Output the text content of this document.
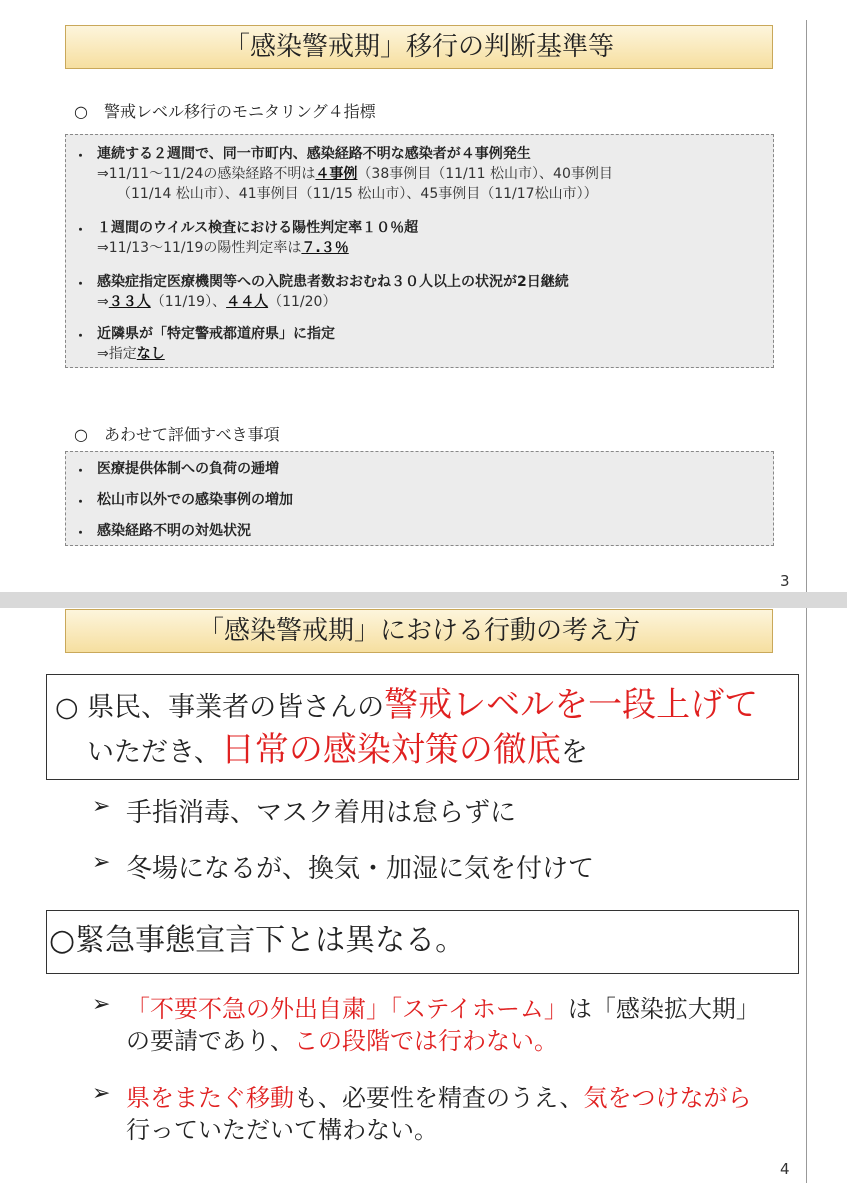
「感染警戒期」移行の判断基準等
○　警戒レベル移行のモニタリング４指標
・ 連続する２週間で、同一市町内、感染経路不明な感染者が４事例発生
⇒11/11～11/24の感染経路不明は４事例（38事例目（11/11 松山市）、40事例目
（11/14 松山市）、41事例目（11/15 松山市）、45事例目（11/17松山市））
・ １週間のウイルス検査における陽性判定率１０％超
⇒11/13～11/19の陽性判定率は７.３％
・ 感染症指定医療機関等への入院患者数おおむね３０人以上の状況が2日継続
⇒３３人（11/19）、４４人（11/20）
・ 近隣県が「特定警戒都道府県」に指定
⇒指定なし
○　あわせて評価すべき事項
・ 医療提供体制への負荷の逓増
・ 松山市以外での感染事例の増加
・ 感染経路不明の対処状況
3
「感染警戒期」における行動の考え方
○ 県民、事業者の皆さんの警戒レベルを一段上げて
いただき、日常の感染対策の徹底を
➢ 手指消毒、マスク着用は怠らずに
➢ 冬場になるが、換気・加湿に気を付けて
○緊急事態宣言下とは異なる。
➢ 「不要不急の外出自粛」「ステイホーム」は「感染拡大期」
の要請であり、この段階では行わない。
➢ 県をまたぐ移動も、必要性を精査のうえ、気をつけながら
行っていただいて構わない。
4
